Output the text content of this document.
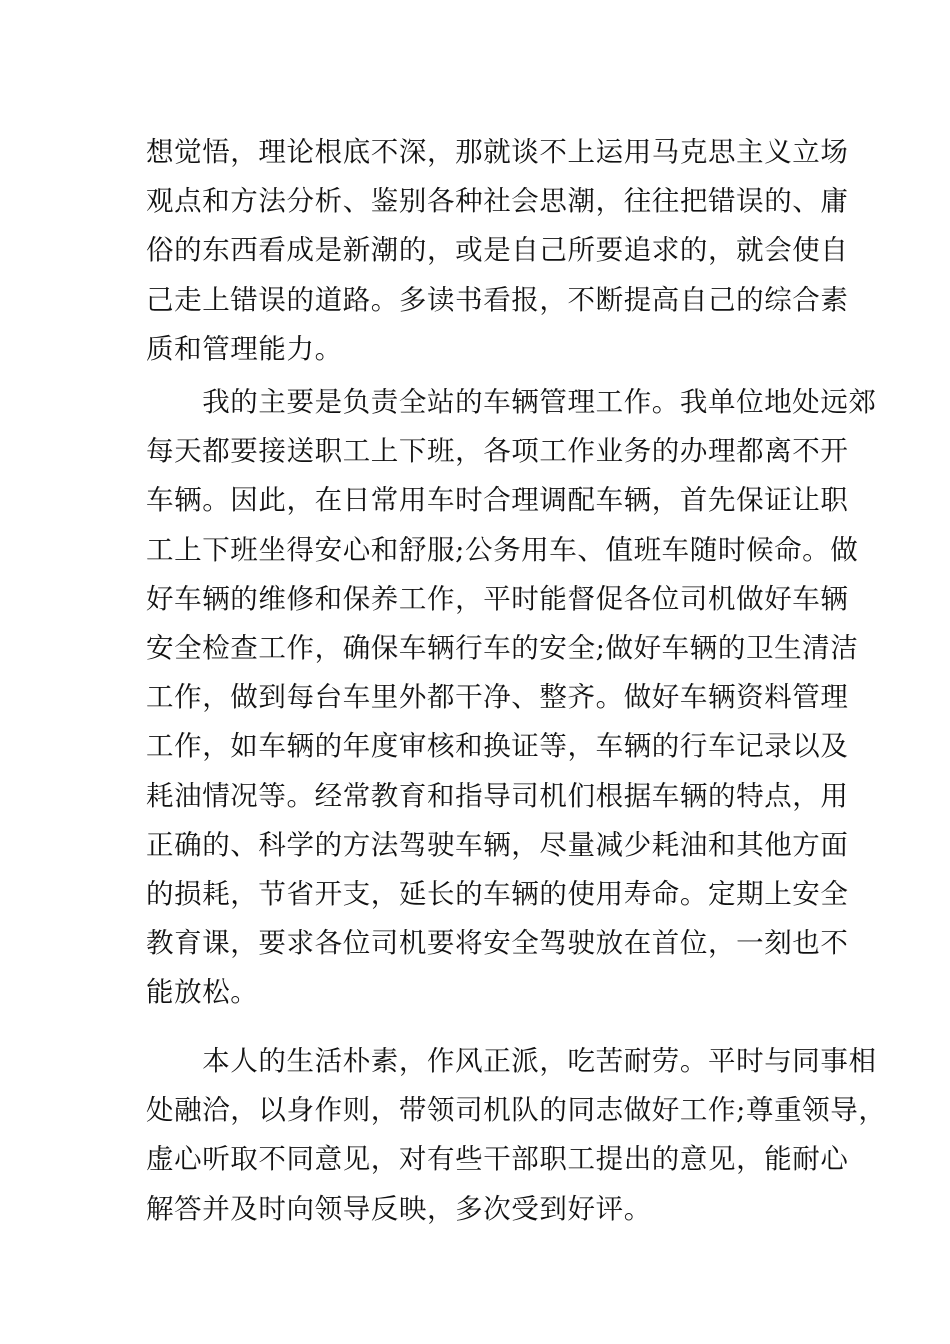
想觉悟，理论根底不深，那就谈不上运用马克思主义立场
观点和方法分析、鉴别各种社会思潮，往往把错误的、庸
俗的东西看成是新潮的，或是自己所要追求的，就会使自
己走上错误的道路。多读书看报，不断提高自己的综合素
质和管理能力。
　　我的主要是负责全站的车辆管理工作。我单位地处远郊
每天都要接送职工上下班，各项工作业务的办理都离不开
车辆。因此，在日常用车时合理调配车辆，首先保证让职
工上下班坐得安心和舒服;公务用车、值班车随时候命。做
好车辆的维修和保养工作，平时能督促各位司机做好车辆
安全检查工作，确保车辆行车的安全;做好车辆的卫生清洁
工作，做到每台车里外都干净、整齐。做好车辆资料管理
工作，如车辆的年度审核和换证等，车辆的行车记录以及
耗油情况等。经常教育和指导司机们根据车辆的特点，用
正确的、科学的方法驾驶车辆，尽量减少耗油和其他方面
的损耗，节省开支，延长的车辆的使用寿命。定期上安全
教育课，要求各位司机要将安全驾驶放在首位，一刻也不
能放松。
　　本人的生活朴素，作风正派，吃苦耐劳。平时与同事相
处融洽，以身作则，带领司机队的同志做好工作;尊重领导，
虚心听取不同意见，对有些干部职工提出的意见，能耐心
解答并及时向领导反映，多次受到好评。
